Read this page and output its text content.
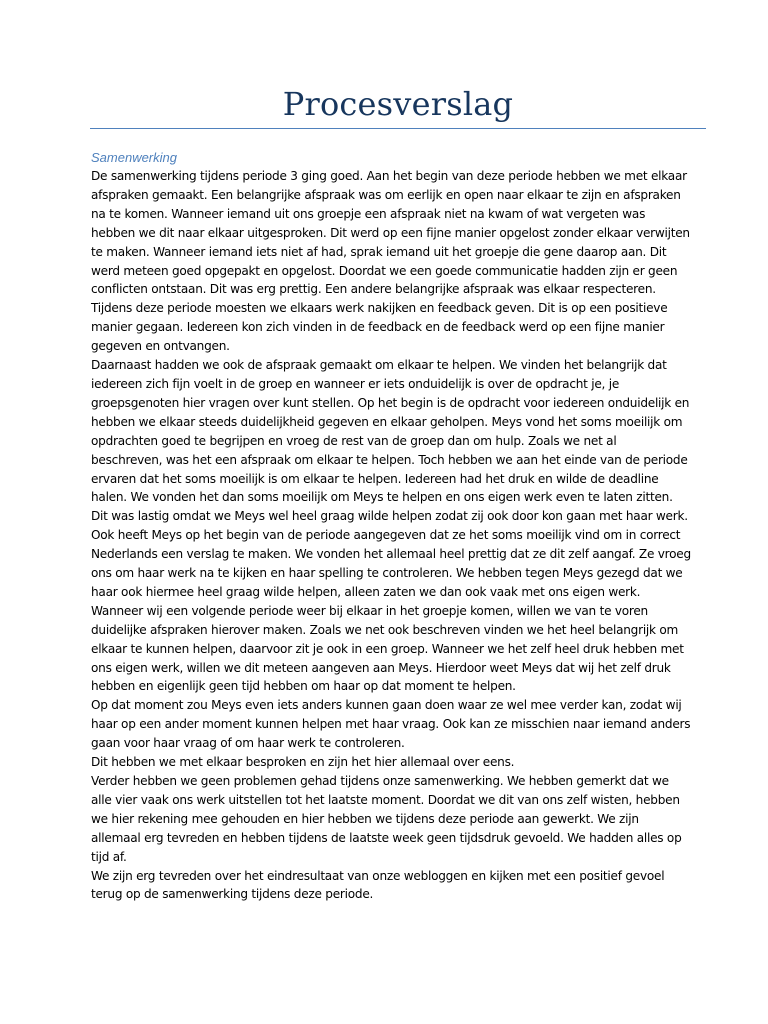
Procesverslag
Samenwerking

De samenwerking tijdens periode 3 ging goed. Aan het begin van deze periode hebben we met elkaar afspraken gemaakt. Een belangrijke afspraak was om eerlijk en open naar elkaar te zijn en afspraken na te komen. Wanneer iemand uit ons groepje een afspraak niet na kwam of wat vergeten was hebben we dit naar elkaar uitgesproken. Dit werd op een fijne manier opgelost zonder elkaar verwijten te maken. Wanneer iemand iets niet af had, sprak iemand uit het groepje die gene daarop aan. Dit werd meteen goed opgepakt en opgelost. Doordat we een goede communicatie hadden zijn er geen conflicten ontstaan. Dit was erg prettig. Een andere belangrijke afspraak was elkaar respecteren. Tijdens deze periode moesten we elkaars werk nakijken en feedback geven. Dit is op een positieve manier gegaan. Iedereen kon zich vinden in de feedback en de feedback werd op een fijne manier gegeven en ontvangen.

Daarnaast hadden we ook de afspraak gemaakt om elkaar te helpen. We vinden het belangrijk dat iedereen zich fijn voelt in de groep en wanneer er iets onduidelijk is over de opdracht je, je groepsgenoten hier vragen over kunt stellen. Op het begin is de opdracht voor iedereen onduidelijk en hebben we elkaar steeds duidelijkheid gegeven en elkaar geholpen. Meys vond het soms moeilijk om opdrachten goed te begrijpen en vroeg de rest van de groep dan om hulp. Zoals we net al beschreven, was het een afspraak om elkaar te helpen. Toch hebben we aan het einde van de periode ervaren dat het soms moeilijk is om elkaar te helpen. Iedereen had het druk en wilde de deadline halen. We vonden het dan soms moeilijk om Meys te helpen en ons eigen werk even te laten zitten. Dit was lastig omdat we Meys wel heel graag wilde helpen zodat zij ook door kon gaan met haar werk.

Ook heeft Meys op het begin van de periode aangegeven dat ze het soms moeilijk vind om in correct Nederlands een verslag te maken. We vonden het allemaal heel prettig dat ze dit zelf aangaf. Ze vroeg ons om haar werk na te kijken en haar spelling te controleren. We hebben tegen Meys gezegd dat we haar ook hiermee heel graag wilde helpen, alleen zaten we dan ook vaak met ons eigen werk. Wanneer wij een volgende periode weer bij elkaar in het groepje komen, willen we van te voren duidelijke afspraken hierover maken. Zoals we net ook beschreven vinden we het heel belangrijk om elkaar te kunnen helpen, daarvoor zit je ook in een groep. Wanneer we het zelf heel druk hebben met ons eigen werk, willen we dit meteen aangeven aan Meys. Hierdoor weet Meys dat wij het zelf druk hebben en eigenlijk geen tijd hebben om haar op dat moment te helpen.

Op dat moment zou Meys even iets anders kunnen gaan doen waar ze wel mee verder kan, zodat wij haar op een ander moment kunnen helpen met haar vraag. Ook kan ze misschien naar iemand anders gaan voor haar vraag of om haar werk te controleren.

Dit hebben we met elkaar besproken en zijn het hier allemaal over eens.

Verder hebben we geen problemen gehad tijdens onze samenwerking. We hebben gemerkt dat we alle vier vaak ons werk uitstellen tot het laatste moment. Doordat we dit van ons zelf wisten, hebben we hier rekening mee gehouden en hier hebben we tijdens deze periode aan gewerkt. We zijn allemaal erg tevreden en hebben tijdens de laatste week geen tijdsdruk gevoeld. We hadden alles op tijd af.

We zijn erg tevreden over het eindresultaat van onze webloggen en kijken met een positief gevoel terug op de samenwerking tijdens deze periode.
